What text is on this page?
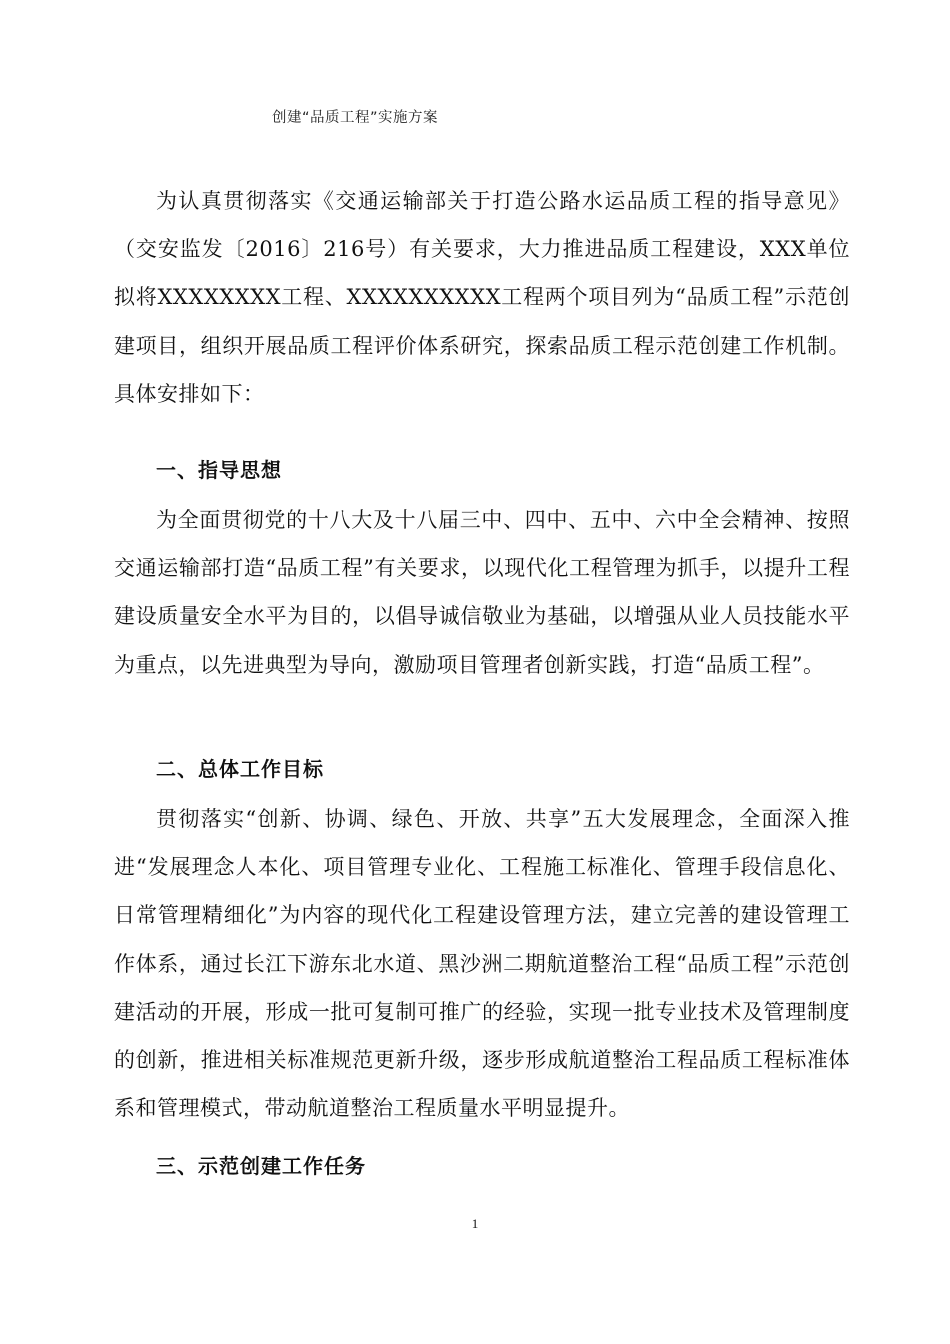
创建“品质工程”实施方案

为认真贯彻落实《交通运输部关于打造公路水运品质工程的指导意见》（交安监发〔2016〕216号）有关要求，大力推进品质工程建设，XXX单位拟将XXXXXXXX工程、XXXXXXXXXX工程两个项目列为“品质工程”示范创建项目，组织开展品质工程评价体系研究，探索品质工程示范创建工作机制。具体安排如下：

一、指导思想

为全面贯彻党的十八大及十八届三中、四中、五中、六中全会精神、按照交通运输部打造“品质工程”有关要求，以现代化工程管理为抓手，以提升工程建设质量安全水平为目的，以倡导诚信敬业为基础，以增强从业人员技能水平为重点，以先进典型为导向，激励项目管理者创新实践，打造“品质工程”。

二、总体工作目标

贯彻落实“创新、协调、绿色、开放、共享”五大发展理念，全面深入推进“发展理念人本化、项目管理专业化、工程施工标准化、管理手段信息化、日常管理精细化”为内容的现代化工程建设管理方法，建立完善的建设管理工作体系，通过长江下游东北水道、黑沙洲二期航道整治工程“品质工程”示范创建活动的开展，形成一批可复制可推广的经验，实现一批专业技术及管理制度的创新，推进相关标准规范更新升级，逐步形成航道整治工程品质工程标准体系和管理模式，带动航道整治工程质量水平明显提升。

三、示范创建工作任务
1
